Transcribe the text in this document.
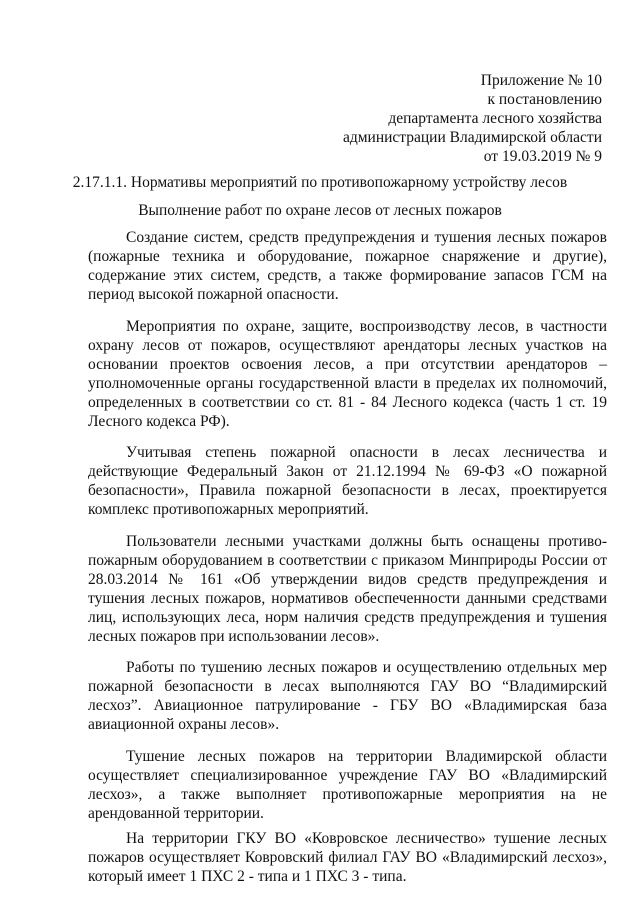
Приложение № 10
к постановлению
департамента лесного хозяйства
администрации Владимирской области
от 19.03.2019 № 9
2.17.1.1. Нормативы мероприятий по противопожарному устройству лесов
Выполнение работ по охране лесов от лесных пожаров

Создание систем, средств предупреждения и тушения лесных пожаров (пожарные техника и оборудование, пожарное снаряжение и другие), содержание этих систем, средств, а также формирование запасов ГСМ на период высокой пожарной опасности.

Мероприятия по охране, защите, воспроизводству лесов, в частности охрану лесов от пожаров, осуществляют арендаторы лесных участков на основании проектов освоения лесов, а при отсутствии арендаторов – уполномоченные органы государственной власти в пределах их полномочий, определенных в соответствии со ст. 81 - 84 Лесного кодекса (часть 1 ст. 19 Лесного кодекса РФ).

Учитывая степень пожарной опасности в лесах лесничества и действующие Федеральный Закон от 21.12.1994 № 69-ФЗ «О пожарной безопасности», Правила пожарной безопасности в лесах, проектируется комплекс противопожарных мероприятий.

Пользователи лесными участками должны быть оснащены противо-пожарным оборудованием в соответствии с приказом Минприроды России от 28.03.2014 № 161 «Об утверждении видов средств предупреждения и тушения лесных пожаров, нормативов обеспеченности данными средствами лиц, использующих леса, норм наличия средств предупреждения и тушения лесных пожаров при использовании лесов».

Работы по тушению лесных пожаров и осуществлению отдельных мер пожарной безопасности в лесах выполняются ГАУ ВО “Владимирский лесхоз”. Авиационное патрулирование - ГБУ ВО «Владимирская база авиационной охраны лесов».

Тушение лесных пожаров на территории Владимирской области осуществляет специализированное учреждение ГАУ ВО «Владимирский лесхоз», а также выполняет противопожарные мероприятия на не арендованной территории.

На территории ГКУ ВО «Ковровское лесничество» тушение лесных пожаров осуществляет Ковровский филиал ГАУ ВО «Владимирский лесхоз», который имеет 1 ПХС 2 - типа и 1 ПХС 3 - типа.
